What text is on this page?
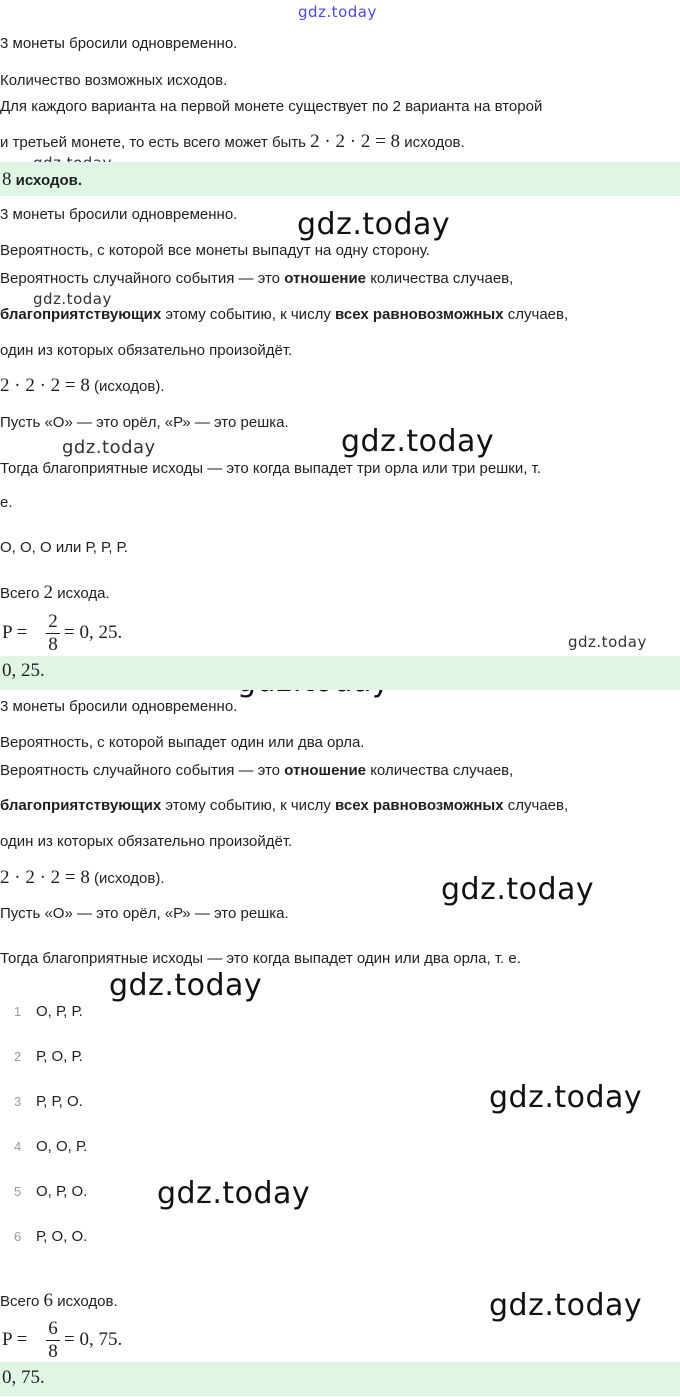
gdz.today
gdz.today
gdz.today
gdz.today	gdz.today
gdz.today
gdz.today
gdz.today
gdz.today
gdz.today
gdz.today
3 монеты бросили одновременно.
Количество возможных исходов.
Для каждого варианта на первой монете существует по 2 варианта на второй
и третьей монете, то есть всего может быть 2 · 2 · 2 = 8 исходов.
8 исходов.
3 монеты бросили одновременно.
Вероятность, с которой все монеты выпадут на одну сторону.
Вероятность случайного события — это отношение количества случаев,
благоприятствующих этому событию, к числу всех равновозможных случаев,
один из которых обязательно произойдёт.
2 · 2 · 2 = 8 (исходов).
Пусть «О» — это орёл, «Р» — это решка.
Тогда благоприятные исходы — это когда выпадет три орла или три решки, т.
е.
О, О, О или Р, Р, Р.
Всего 2 исхода.
P =
2
8
= 0, 25.
0, 25.
3 монеты бросили одновременно.
Вероятность, с которой выпадет один или два орла.
Вероятность случайного события — это отношение количества случаев,
благоприятствующих этому событию, к числу всех равновозможных случаев,
один из которых обязательно произойдёт.
2 · 2 · 2 = 8 (исходов).
Пусть «О» — это орёл, «Р» — это решка.
Тогда благоприятные исходы — это когда выпадет один или два орла, т. е.
1 О, Р, Р.
2 Р, О, Р.
3 Р, Р, О.
4 О, О, Р.
5 О, Р, О.
6 Р, О, О.
Всего 6 исходов.
P =
6
8
= 0, 75.
0, 75.
